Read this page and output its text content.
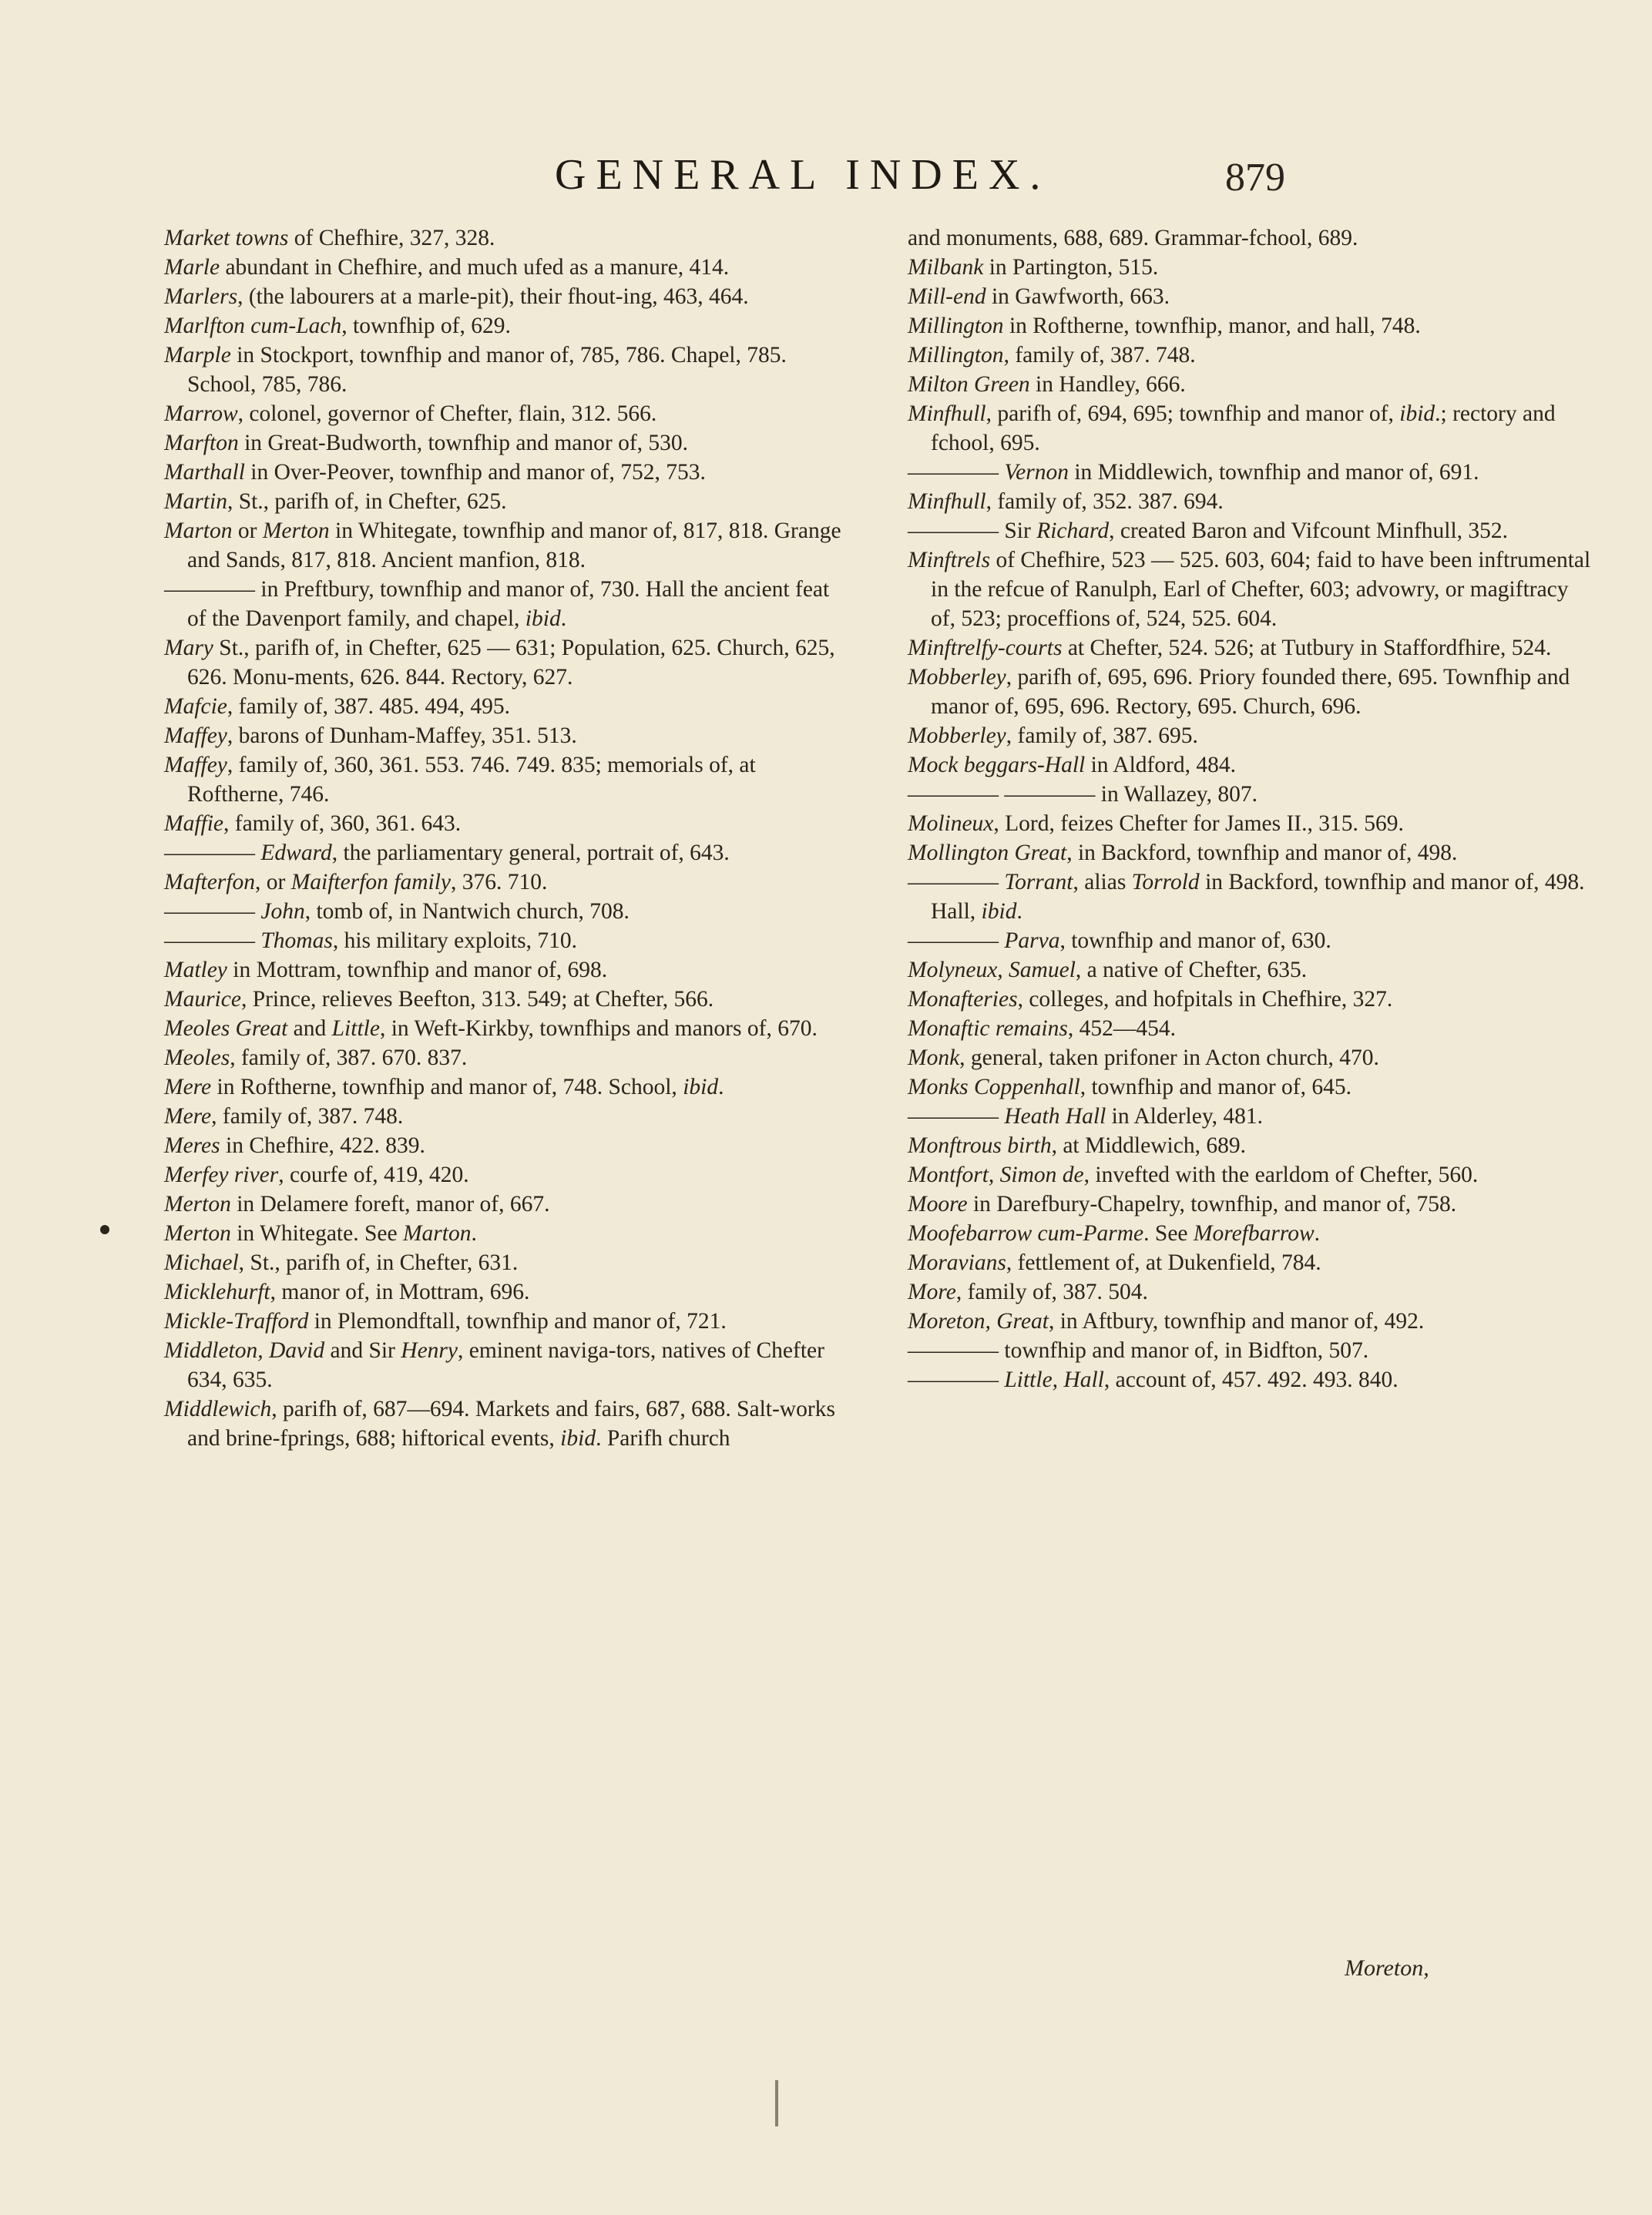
GENERAL INDEX.	879

Market towns of Chefhire, 327, 328.

Marle abundant in Chefhire, and much ufed as a manure, 414.

Marlers, (the labourers at a marle-pit), their fhout-ing, 463, 464.

Marlfton cum-Lach, townfhip of, 629.

Marple in Stockport, townfhip and manor of, 785, 786. Chapel, 785. School, 785, 786.

Marrow, colonel, governor of Chefter, flain, 312. 566.

Marfton in Great-Budworth, townfhip and manor of, 530.

Marthall in Over-Peover, townfhip and manor of, 752, 753.

Martin, St., parifh of, in Chefter, 625.

Marton or Merton in Whitegate, townfhip and manor of, 817, 818. Grange and Sands, 817, 818. Ancient manfion, 818.

———— in Preftbury, townfhip and manor of, 730. Hall the ancient feat of the Davenport family, and chapel, ibid.

Mary St., parifh of, in Chefter, 625 — 631; Population, 625. Church, 625, 626. Monu-ments, 626. 844. Rectory, 627.

Mafcie, family of, 387. 485. 494, 495.

Maffey, barons of Dunham-Maffey, 351. 513.

Maffey, family of, 360, 361. 553. 746. 749. 835; memorials of, at Roftherne, 746.

Maffie, family of, 360, 361. 643.

———— Edward, the parliamentary general, portrait of, 643.

Mafterfon, or Maifterfon family, 376. 710.

———— John, tomb of, in Nantwich church, 708.

———— Thomas, his military exploits, 710.

Matley in Mottram, townfhip and manor of, 698.

Maurice, Prince, relieves Beefton, 313. 549; at Chefter, 566.

Meoles Great and Little, in Weft-Kirkby, townfhips and manors of, 670.

Meoles, family of, 387. 670. 837.

Mere in Roftherne, townfhip and manor of, 748. School, ibid.

Mere, family of, 387. 748.

Meres in Chefhire, 422. 839.

Merfey river, courfe of, 419, 420.

Merton in Delamere foreft, manor of, 667.

Merton in Whitegate. See Marton.

Michael, St., parifh of, in Chefter, 631.

Micklehurft, manor of, in Mottram, 696.

Mickle-Trafford in Plemondftall, townfhip and manor of, 721.

Middleton, David and Sir Henry, eminent naviga-tors, natives of Chefter 634, 635.

Middlewich, parifh of, 687—694. Markets and fairs, 687, 688. Salt-works and brine-fprings, 688; hiftorical events, ibid. Parifh church

and monuments, 688, 689. Grammar-fchool, 689.

Milbank in Partington, 515.

Mill-end in Gawfworth, 663.

Millington in Roftherne, townfhip, manor, and hall, 748.

Millington, family of, 387. 748.

Milton Green in Handley, 666.

Minfhull, parifh of, 694, 695; townfhip and manor of, ibid.; rectory and fchool, 695.

———— Vernon in Middlewich, townfhip and manor of, 691.

Minfhull, family of, 352. 387. 694.

———— Sir Richard, created Baron and Vifcount Minfhull, 352.

Minftrels of Chefhire, 523 — 525. 603, 604; faid to have been inftrumental in the refcue of Ranulph, Earl of Chefter, 603; advowry, or magiftracy of, 523; proceffions of, 524, 525. 604.

Minftrelfy-courts at Chefter, 524. 526; at Tutbury in Staffordfhire, 524.

Mobberley, parifh of, 695, 696. Priory founded there, 695. Townfhip and manor of, 695, 696. Rectory, 695. Church, 696.

Mobberley, family of, 387. 695.

Mock beggars-Hall in Aldford, 484.

———— ———— in Wallazey, 807.

Molineux, Lord, feizes Chefter for James II., 315. 569.

Mollington Great, in Backford, townfhip and manor of, 498.

———— Torrant, alias Torrold in Backford, townfhip and manor of, 498. Hall, ibid.

———— Parva, townfhip and manor of, 630.

Molyneux, Samuel, a native of Chefter, 635.

Monafteries, colleges, and hofpitals in Chefhire, 327.

Monaftic remains, 452—454.

Monk, general, taken prifoner in Acton church, 470.

Monks Coppenhall, townfhip and manor of, 645.

———— Heath Hall in Alderley, 481.

Monftrous birth, at Middlewich, 689.

Montfort, Simon de, invefted with the earldom of Chefter, 560.

Moore in Darefbury-Chapelry, townfhip, and manor of, 758.

Moofebarrow cum-Parme. See Morefbarrow.

Moravians, fettlement of, at Dukenfield, 784.

More, family of, 387. 504.

Moreton, Great, in Aftbury, townfhip and manor of, 492.

———— townfhip and manor of, in Bidfton, 507.

———— Little, Hall, account of, 457. 492. 493. 840.

Moreton,
